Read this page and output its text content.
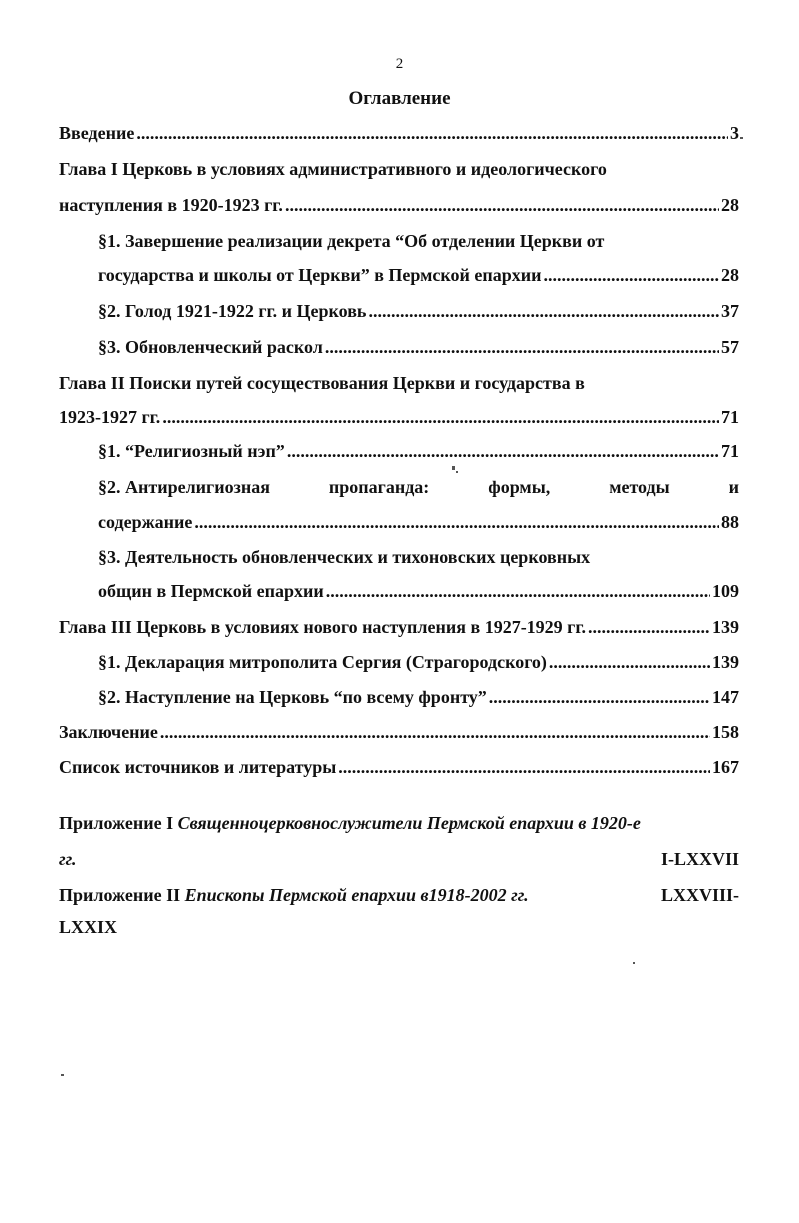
2
Оглавление
Введение .....	3
Глава I Церковь в условиях административного и идеологического
наступления в 1920-1923 гг. .....	28
§1. Завершение реализации декрета “Об отделении Церкви от
государства и школы от Церкви” в Пермской епархии .....	28
§2. Голод 1921-1922 гг. и Церковь .....	37
§3. Обновленческий раскол .....	57
Глава II Поиски путей сосуществования Церкви и государства в
1923-1927 гг. .....	71
§1. “Религиозный нэп” .....	71
§2. Антирелигиозная	пропаганда:	формы,	методы	и
содержание .....	88
§3. Деятельность обновленческих и тихоновских церковных
общин в Пермской епархии .....	109
Глава III Церковь в условиях нового наступления в 1927-1929 гг. .....	139
§1. Декларация митрополита Сергия (Страгородского) .....	139
§2. Наступление на Церковь “по всему фронту” .....	147
Заключение .....	158
Список источников и литературы .....	167
Приложение I Священноцерковнослужители Пермской епархии в 1920-е
гг.	I-LXXVII
Приложение II Епископы Пермской епархии в1918-2002 гг.	LXXVIII-
LXXIX
